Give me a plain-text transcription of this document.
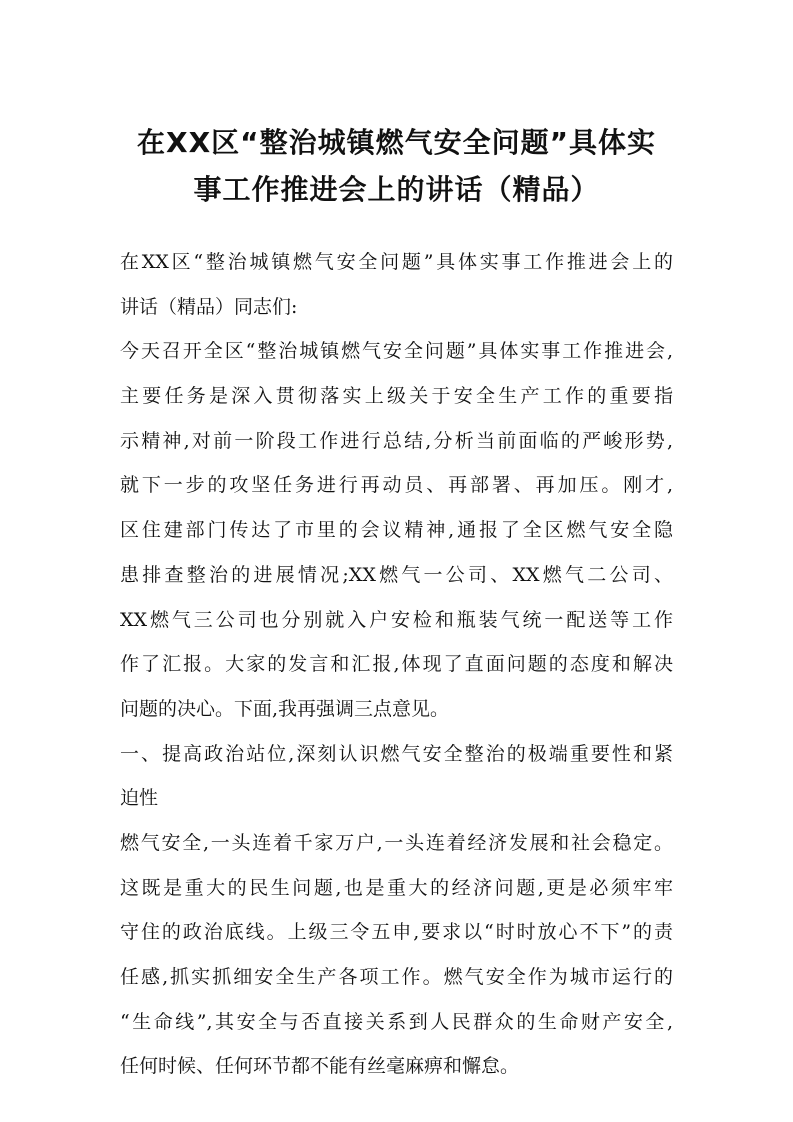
在XX区“整治城镇燃气安全问题”具体实
事工作推进会上的讲话（精品）
在XX区“整治城镇燃气安全问题”具体实事工作推进会上的
讲话（精品）同志们:
今天召开全区“整治城镇燃气安全问题”具体实事工作推进会,
主要任务是深入贯彻落实上级关于安全生产工作的重要指
示精神,对前一阶段工作进行总结,分析当前面临的严峻形势,
就下一步的攻坚任务进行再动员、再部署、再加压。刚才,
区住建部门传达了市里的会议精神,通报了全区燃气安全隐
患排查整治的进展情况;XX燃气一公司、XX燃气二公司、
XX燃气三公司也分别就入户安检和瓶装气统一配送等工作
作了汇报。大家的发言和汇报,体现了直面问题的态度和解决
问题的决心。下面,我再强调三点意见。
一、提高政治站位,深刻认识燃气安全整治的极端重要性和紧
迫性
燃气安全,一头连着千家万户,一头连着经济发展和社会稳定。
这既是重大的民生问题,也是重大的经济问题,更是必须牢牢
守住的政治底线。上级三令五申,要求以“时时放心不下”的责
任感,抓实抓细安全生产各项工作。燃气安全作为城市运行的
“生命线”,其安全与否直接关系到人民群众的生命财产安全,
任何时候、任何环节都不能有丝毫麻痹和懈怠。
